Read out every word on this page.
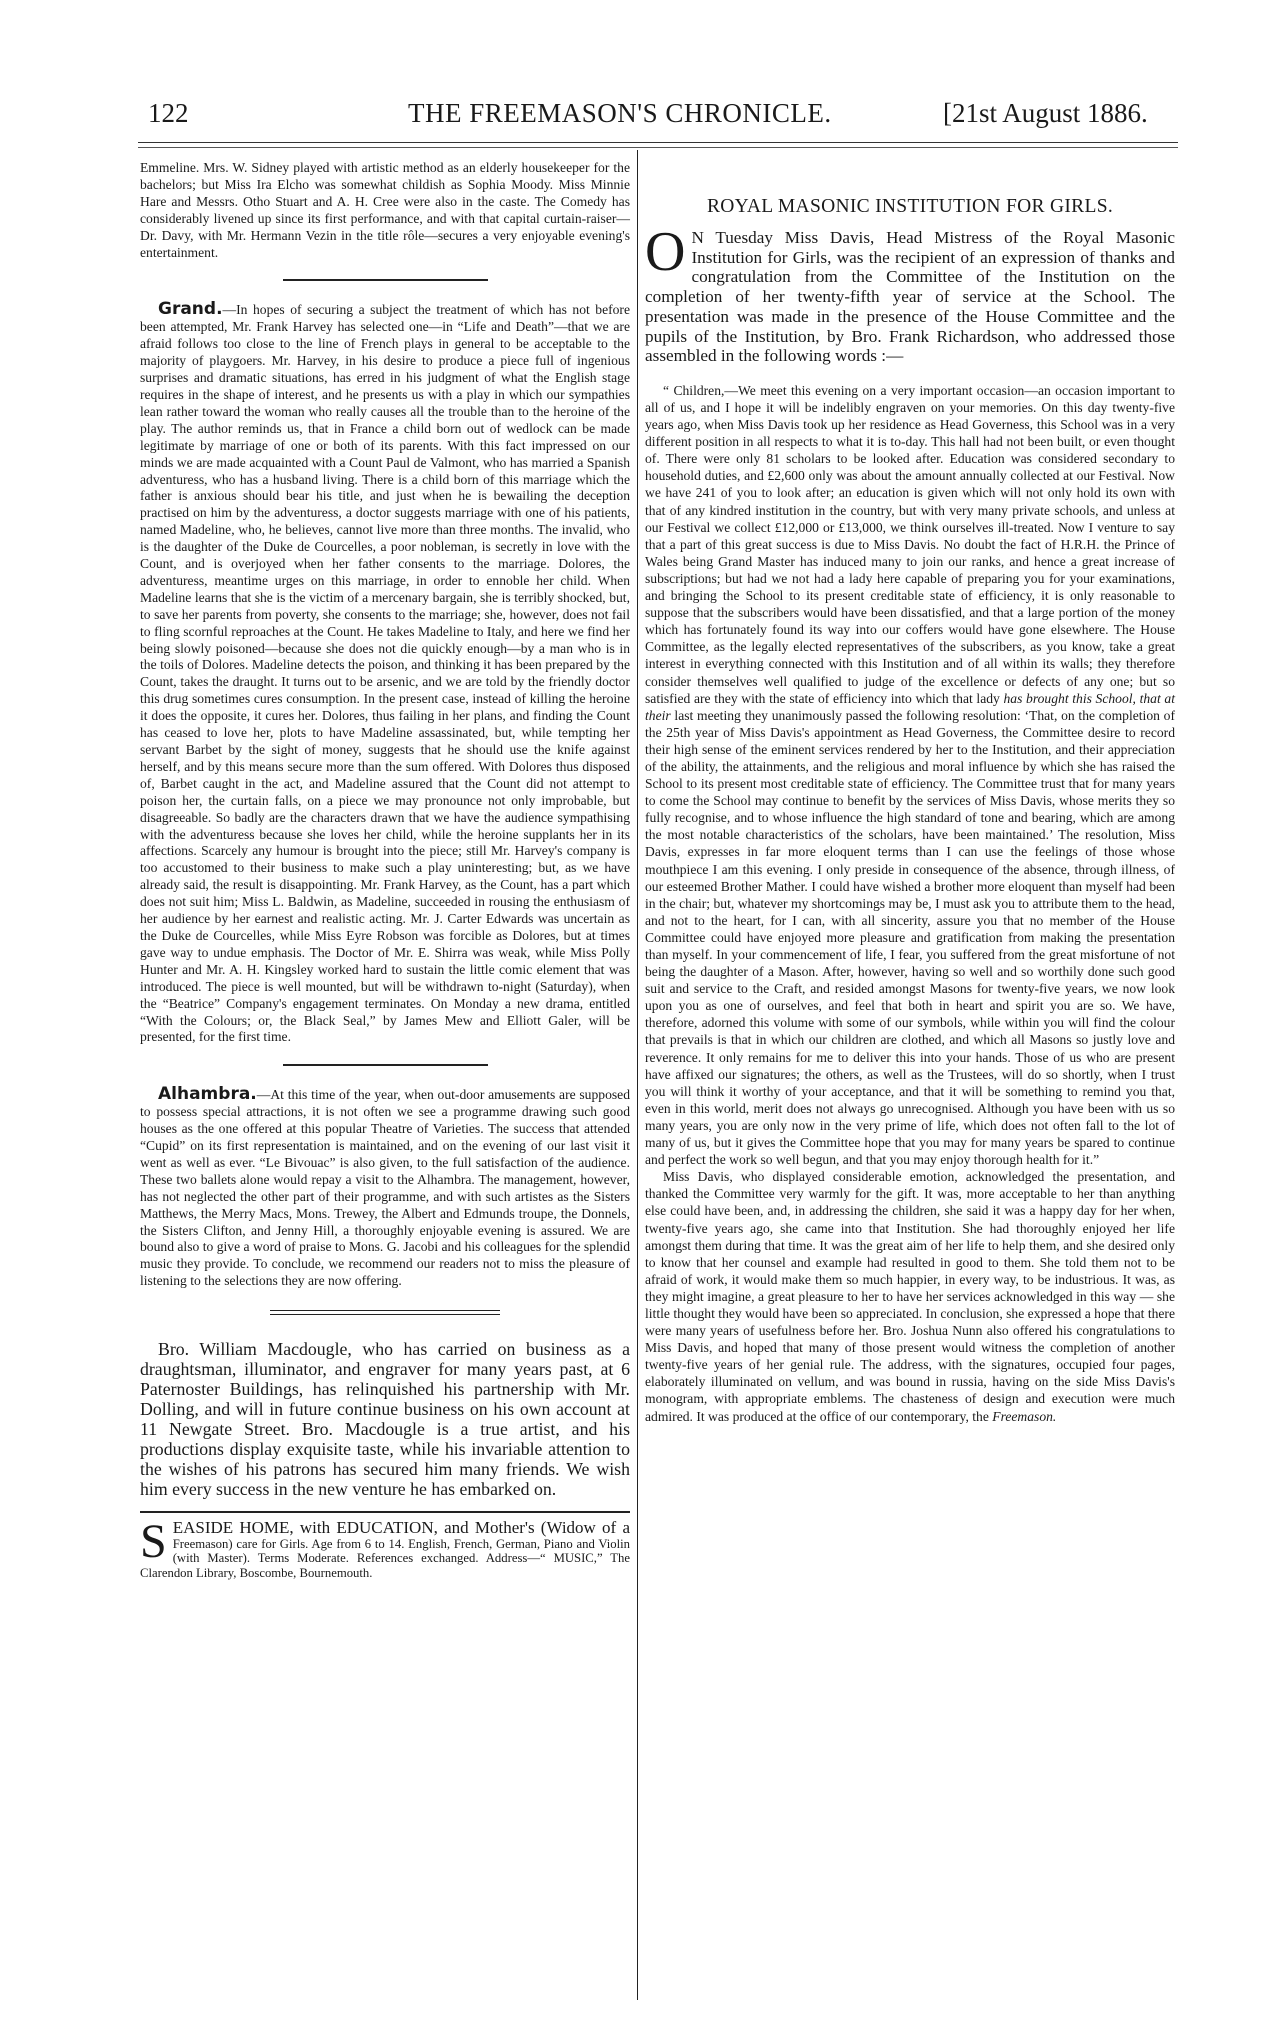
122	THE FREEMASON'S CHRONICLE.	[21st August 1886.

Emmeline. Mrs. W. Sidney played with artistic method as an elderly housekeeper for the bachelors; but Miss Ira Elcho was somewhat childish as Sophia Moody. Miss Minnie Hare and Messrs. Otho Stuart and A. H. Cree were also in the caste. The Comedy has considerably livened up since its first performance, and with that capital curtain-raiser—Dr. Davy, with Mr. Hermann Vezin in the title rôle—secures a very enjoyable evening's entertainment.

Grand.—In hopes of securing a subject the treatment of which has not before been attempted, Mr. Frank Harvey has selected one—in “Life and Death”—that we are afraid follows too close to the line of French plays in general to be acceptable to the majority of playgoers. Mr. Harvey, in his desire to produce a piece full of ingenious surprises and dramatic situations, has erred in his judgment of what the English stage requires in the shape of interest, and he presents us with a play in which our sympathies lean rather toward the woman who really causes all the trouble than to the heroine of the play. The author reminds us, that in France a child born out of wedlock can be made legitimate by marriage of one or both of its parents. With this fact impressed on our minds we are made acquainted with a Count Paul de Valmont, who has married a Spanish adventuress, who has a husband living. There is a child born of this marriage which the father is anxious should bear his title, and just when he is bewailing the deception practised on him by the adventuress, a doctor suggests marriage with one of his patients, named Madeline, who, he believes, cannot live more than three months. The invalid, who is the daughter of the Duke de Courcelles, a poor nobleman, is secretly in love with the Count, and is overjoyed when her father consents to the marriage. Dolores, the adventuress, meantime urges on this marriage, in order to ennoble her child. When Madeline learns that she is the victim of a mercenary bargain, she is terribly shocked, but, to save her parents from poverty, she consents to the marriage; she, however, does not fail to fling scornful reproaches at the Count. He takes Madeline to Italy, and here we find her being slowly poisoned—because she does not die quickly enough—by a man who is in the toils of Dolores. Madeline detects the poison, and thinking it has been prepared by the Count, takes the draught. It turns out to be arsenic, and we are told by the friendly doctor this drug sometimes cures consumption. In the present case, instead of killing the heroine it does the opposite, it cures her. Dolores, thus failing in her plans, and finding the Count has ceased to love her, plots to have Madeline assassinated, but, while tempting her servant Barbet by the sight of money, suggests that he should use the knife against herself, and by this means secure more than the sum offered. With Dolores thus disposed of, Barbet caught in the act, and Madeline assured that the Count did not attempt to poison her, the curtain falls, on a piece we may pronounce not only improbable, but disagreeable. So badly are the characters drawn that we have the audience sympathising with the adventuress because she loves her child, while the heroine supplants her in its affections. Scarcely any humour is brought into the piece; still Mr. Harvey's company is too accustomed to their business to make such a play uninteresting; but, as we have already said, the result is disappointing. Mr. Frank Harvey, as the Count, has a part which does not suit him; Miss L. Baldwin, as Madeline, succeeded in rousing the enthusiasm of her audience by her earnest and realistic acting. Mr. J. Carter Edwards was uncertain as the Duke de Courcelles, while Miss Eyre Robson was forcible as Dolores, but at times gave way to undue emphasis. The Doctor of Mr. E. Shirra was weak, while Miss Polly Hunter and Mr. A. H. Kingsley worked hard to sustain the little comic element that was introduced. The piece is well mounted, but will be withdrawn to-night (Saturday), when the “Beatrice” Company's engagement terminates. On Monday a new drama, entitled “With the Colours; or, the Black Seal,” by James Mew and Elliott Galer, will be presented, for the first time.

Alhambra.—At this time of the year, when out-door amusements are supposed to possess special attractions, it is not often we see a programme drawing such good houses as the one offered at this popular Theatre of Varieties. The success that attended “Cupid” on its first representation is maintained, and on the evening of our last visit it went as well as ever. “Le Bivouac” is also given, to the full satisfaction of the audience. These two ballets alone would repay a visit to the Alhambra. The management, however, has not neglected the other part of their programme, and with such artistes as the Sisters Matthews, the Merry Macs, Mons. Trewey, the Albert and Edmunds troupe, the Donnels, the Sisters Clifton, and Jenny Hill, a thoroughly enjoyable evening is assured. We are bound also to give a word of praise to Mons. G. Jacobi and his colleagues for the splendid music they provide. To conclude, we recommend our readers not to miss the pleasure of listening to the selections they are now offering.

Bro. William Macdougle, who has carried on business as a draughtsman, illuminator, and engraver for many years past, at 6 Paternoster Buildings, has relinquished his partnership with Mr. Dolling, and will in future continue business on his own account at 11 Newgate Street. Bro. Macdougle is a true artist, and his productions display exquisite taste, while his invariable attention to the wishes of his patrons has secured him many friends. We wish him every success in the new venture he has embarked on.

SEASIDE HOME, with EDUCATION, and Mother's (Widow of a Freemason) care for Girls. Age from 6 to 14. English, French, German, Piano and Violin (with Master). Terms Moderate. References exchanged. Address—“ MUSIC,” The Clarendon Library, Boscombe, Bournemouth.

ROYAL MASONIC INSTITUTION FOR GIRLS.

O N Tuesday Miss Davis, Head Mistress of the Royal Masonic Institution for Girls, was the recipient of an expression of thanks and congratulation from the Committee of the Institution on the completion of her twenty-fifth year of service at the School. The presentation was made in the presence of the House Committee and the pupils of the Institution, by Bro. Frank Richardson, who addressed those assembled in the following words :—

“ Children,—We meet this evening on a very important occasion—an occasion important to all of us, and I hope it will be indelibly engraven on your memories. On this day twenty-five years ago, when Miss Davis took up her residence as Head Governess, this School was in a very different position in all respects to what it is to-day. This hall had not been built, or even thought of. There were only 81 scholars to be looked after. Education was considered secondary to household duties, and £2,600 only was about the amount annually collected at our Festival. Now we have 241 of you to look after; an education is given which will not only hold its own with that of any kindred institution in the country, but with very many private schools, and unless at our Festival we collect £12,000 or £13,000, we think ourselves ill-treated. Now I venture to say that a part of this great success is due to Miss Davis. No doubt the fact of H.R.H. the Prince of Wales being Grand Master has induced many to join our ranks, and hence a great increase of subscriptions; but had we not had a lady here capable of preparing you for your examinations, and bringing the School to its present creditable state of efficiency, it is only reasonable to suppose that the subscribers would have been dissatisfied, and that a large portion of the money which has fortunately found its way into our coffers would have gone elsewhere. The House Committee, as the legally elected representatives of the subscribers, as you know, take a great interest in everything connected with this Institution and of all within its walls; they therefore consider themselves well qualified to judge of the excellence or defects of any one; but so satisfied are they with the state of efficiency into which that lady has brought this School, that at their last meeting they unanimously passed the following resolution: ‘That, on the completion of the 25th year of Miss Davis's appointment as Head Governess, the Committee desire to record their high sense of the eminent services rendered by her to the Institution, and their appreciation of the ability, the attainments, and the religious and moral influence by which she has raised the School to its present most creditable state of efficiency. The Committee trust that for many years to come the School may continue to benefit by the services of Miss Davis, whose merits they so fully recognise, and to whose influence the high standard of tone and bearing, which are among the most notable characteristics of the scholars, have been maintained.’ The resolution, Miss Davis, expresses in far more eloquent terms than I can use the feelings of those whose mouthpiece I am this evening. I only preside in consequence of the absence, through illness, of our esteemed Brother Mather. I could have wished a brother more eloquent than myself had been in the chair; but, whatever my shortcomings may be, I must ask you to attribute them to the head, and not to the heart, for I can, with all sincerity, assure you that no member of the House Committee could have enjoyed more pleasure and gratification from making the presentation than myself. In your commencement of life, I fear, you suffered from the great misfortune of not being the daughter of a Mason. After, however, having so well and so worthily done such good suit and service to the Craft, and resided amongst Masons for twenty-five years, we now look upon you as one of ourselves, and feel that both in heart and spirit you are so. We have, therefore, adorned this volume with some of our symbols, while within you will find the colour that prevails is that in which our children are clothed, and which all Masons so justly love and reverence. It only remains for me to deliver this into your hands. Those of us who are present have affixed our signatures; the others, as well as the Trustees, will do so shortly, when I trust you will think it worthy of your acceptance, and that it will be something to remind you that, even in this world, merit does not always go unrecognised. Although you have been with us so many years, you are only now in the very prime of life, which does not often fall to the lot of many of us, but it gives the Committee hope that you may for many years be spared to continue and perfect the work so well begun, and that you may enjoy thorough health for it.”

Miss Davis, who displayed considerable emotion, acknowledged the presentation, and thanked the Committee very warmly for the gift. It was, more acceptable to her than anything else could have been, and, in addressing the children, she said it was a happy day for her when, twenty-five years ago, she came into that Institution. She had thoroughly enjoyed her life amongst them during that time. It was the great aim of her life to help them, and she desired only to know that her counsel and example had resulted in good to them. She told them not to be afraid of work, it would make them so much happier, in every way, to be industrious. It was, as they might imagine, a great pleasure to her to have her services acknowledged in this way — she little thought they would have been so appreciated. In conclusion, she expressed a hope that there were many years of usefulness before her. Bro. Joshua Nunn also offered his congratulations to Miss Davis, and hoped that many of those present would witness the completion of another twenty-five years of her genial rule. The address, with the signatures, occupied four pages, elaborately illuminated on vellum, and was bound in russia, having on the side Miss Davis's monogram, with appropriate emblems. The chasteness of design and execution were much admired. It was produced at the office of our contemporary, the Freemason.
